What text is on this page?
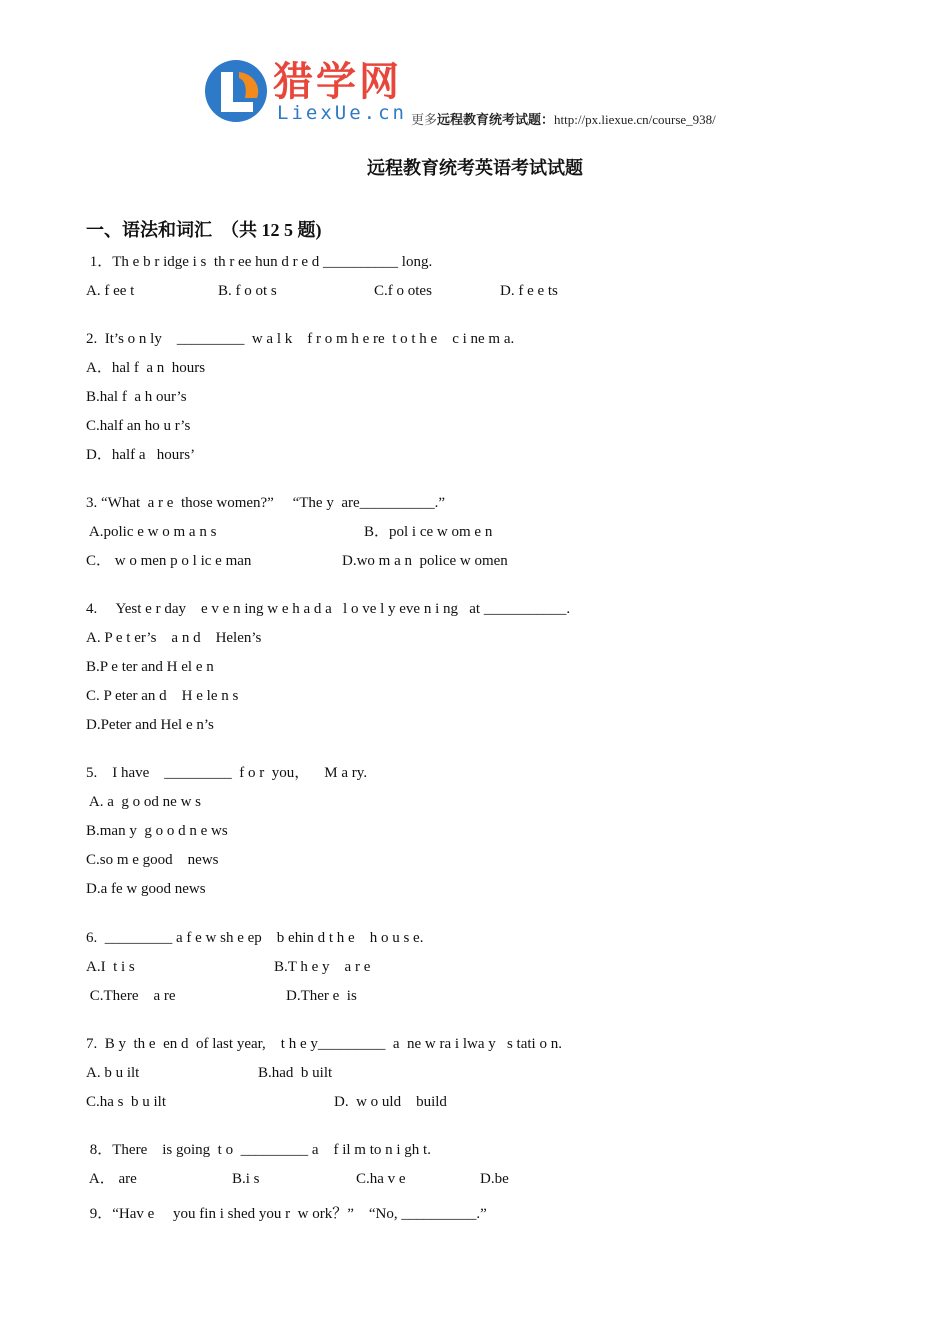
猎学网
LiexUe.cn 更多远程教育统考试题：http://px.liexue.cn/course_938/
远程教育统考英语考试试题
一、语法和词汇　（共 12 5 题)
1．Th e b r idge i s  th r ee hun d r e d __________ long.
A. f ee t	B. f o ot s	C.f o otes	D. f e e ts
2.  It’s o n ly    _________  w a l k    f r o m h e re  t o t h e    c i ne m a.
A．hal f  a n  hours
B.hal f  a h our’s
C.half an ho u r’s
D．half a   hours’
3. “What  a r e  those women?”     “The y  are__________.”
A.polic e w o m a n s	B．pol i ce w om e n
C． w o men p o l ic e man	D.wo m a n  police w omen
4.     Yest e r day    e v e n ing w e h a d a   l o ve l y eve n i ng   at ___________.
A. P e t er’s    a n d    Helen’s
B.P e ter and H el e n
C. P eter an d    H e le n s
D.Peter and Hel e n’s
5.    I have    _________  f o r  you，    M a ry.
A. a  g o od ne w s
B.man y  g o o d n e ws
C.so m e good    news
D.a fe w good news
6.  _________ a f e w sh e ep    b ehin d t h e    h o u s e.
A.I  t i s	B.T h e y    a r e
C.There    a re	D.Ther e  is
7.  B y  th e  en d  of last year,    t h e y_________  a  ne w ra i lwa y   s tati o n.
A. b u ilt	B.had  b uilt
C.ha s  b u ilt	D.  w o uld    build
8．There    is going  t o  _________ a    f il m to n i gh t.
A． are	B.i s	C.ha v e	D.be
9．“Hav e     you fin i shed you r  w ork？”    “No, __________.”
